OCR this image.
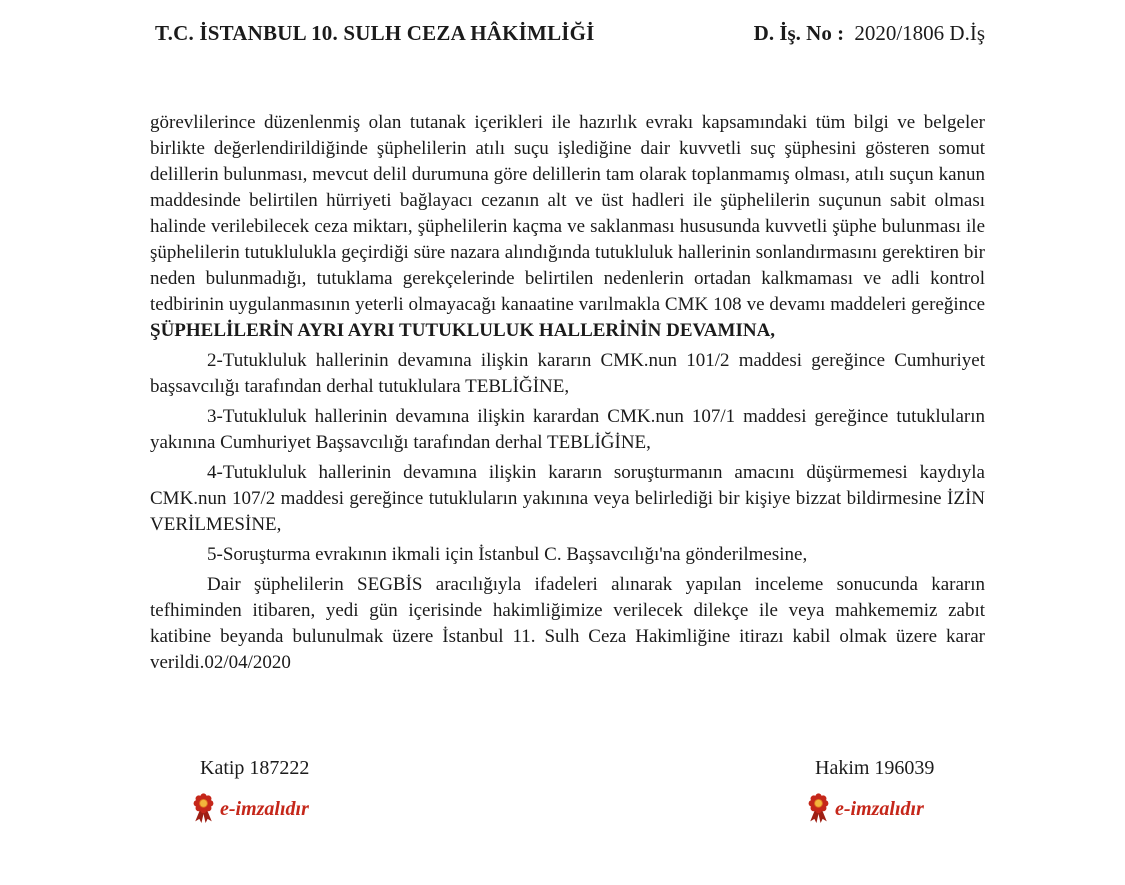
T.C. İSTANBUL 10. SULH CEZA HÂKİMLİĞİ	D. İş. No : 2020/1806 D.İş

görevlilerince düzenlenmiş olan tutanak içerikleri ile hazırlık evrakı kapsamındaki tüm bilgi ve belgeler birlikte değerlendirildiğinde şüphelilerin atılı suçu işlediğine dair kuvvetli suç şüphesini gösteren somut delillerin bulunması, mevcut delil durumuna göre delillerin tam olarak toplanmamış olması, atılı suçun kanun maddesinde belirtilen hürriyeti bağlayacı cezanın alt ve üst hadleri ile şüphelilerin suçunun sabit olması halinde verilebilecek ceza miktarı, şüphelilerin kaçma ve saklanması hususunda kuvvetli şüphe bulunması ile şüphelilerin tutuklulukla geçirdiği süre nazara alındığında tutukluluk hallerinin sonlandırmasını gerektiren bir neden bulunmadığı, tutuklama gerekçelerinde belirtilen nedenlerin ortadan kalkmaması ve adli kontrol tedbirinin uygulanmasının yeterli olmayacağı kanaatine varılmakla CMK 108 ve devamı maddeleri gereğince ŞÜPHELİLERİN AYRI AYRI TUTUKLULUK HALLERİNİN DEVAMINA,

2-Tutukluluk hallerinin devamına ilişkin kararın CMK.nun 101/2 maddesi gereğince Cumhuriyet başsavcılığı tarafından derhal tutuklulara TEBLİĞİNE,

3-Tutukluluk hallerinin devamına ilişkin karardan CMK.nun 107/1 maddesi gereğince tutukluların yakınına Cumhuriyet Başsavcılığı tarafından derhal TEBLİĞİNE,

4-Tutukluluk hallerinin devamına ilişkin kararın soruşturmanın amacını düşürmemesi kaydıyla CMK.nun 107/2 maddesi gereğince tutukluların yakınına veya belirlediği bir kişiye bizzat bildirmesine İZİN VERİLMESİNE,

5-Soruşturma evrakının ikmali için İstanbul C. Başsavcılığı'na gönderilmesine,

Dair şüphelilerin SEGBİS aracılığıyla ifadeleri alınarak yapılan inceleme sonucunda kararın tefhiminden itibaren, yedi gün içerisinde hakimliğimize verilecek dilekçe ile veya mahkememiz zabıt katibine beyanda bulunulmak üzere İstanbul 11. Sulh Ceza Hakimliğine itirazı kabil olmak üzere karar verildi.02/04/2020

Katip 187222
e-imzalıdır
Hakim 196039
e-imzalıdır
